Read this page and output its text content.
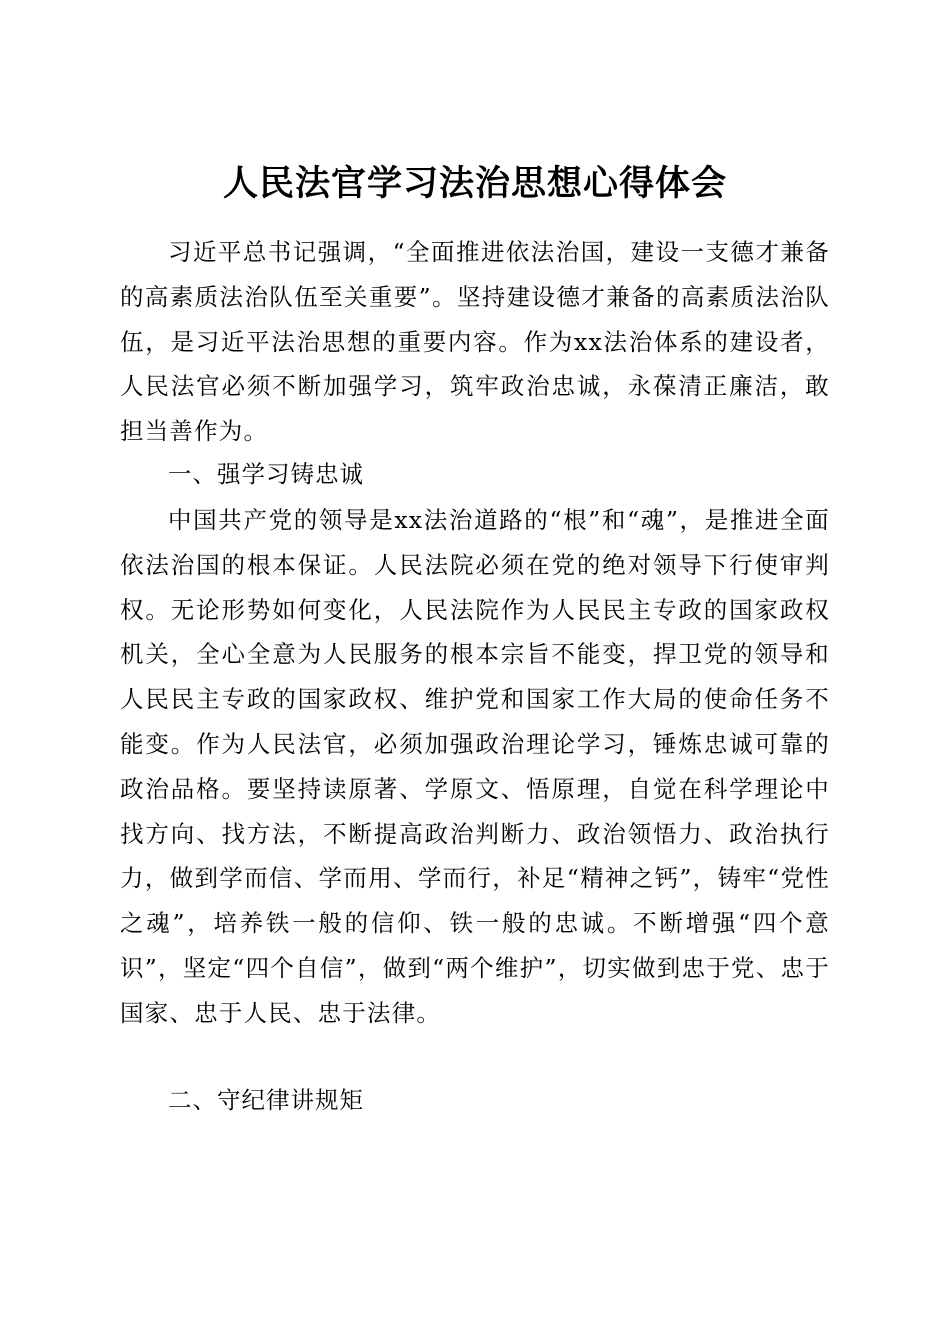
人民法官学习法治思想心得体会

习近平总书记强调，“全面推进依法治国，建设一支德才兼备的高素质法治队伍至关重要”。坚持建设德才兼备的高素质法治队伍，是习近平法治思想的重要内容。作为xx法治体系的建设者，人民法官必须不断加强学习，筑牢政治忠诚，永葆清正廉洁，敢担当善作为。

一、强学习铸忠诚

中国共产党的领导是xx法治道路的“根”和“魂”，是推进全面依法治国的根本保证。人民法院必须在党的绝对领导下行使审判权。无论形势如何变化，人民法院作为人民民主专政的国家政权机关，全心全意为人民服务的根本宗旨不能变，捍卫党的领导和人民民主专政的国家政权、维护党和国家工作大局的使命任务不能变。作为人民法官，必须加强政治理论学习，锤炼忠诚可靠的政治品格。要坚持读原著、学原文、悟原理，自觉在科学理论中找方向、找方法，不断提高政治判断力、政治领悟力、政治执行力，做到学而信、学而用、学而行，补足“精神之钙”，铸牢“党性之魂”，培养铁一般的信仰、铁一般的忠诚。不断增强“四个意识”，坚定“四个自信”，做到“两个维护”，切实做到忠于党、忠于国家、忠于人民、忠于法律。

二、守纪律讲规矩
